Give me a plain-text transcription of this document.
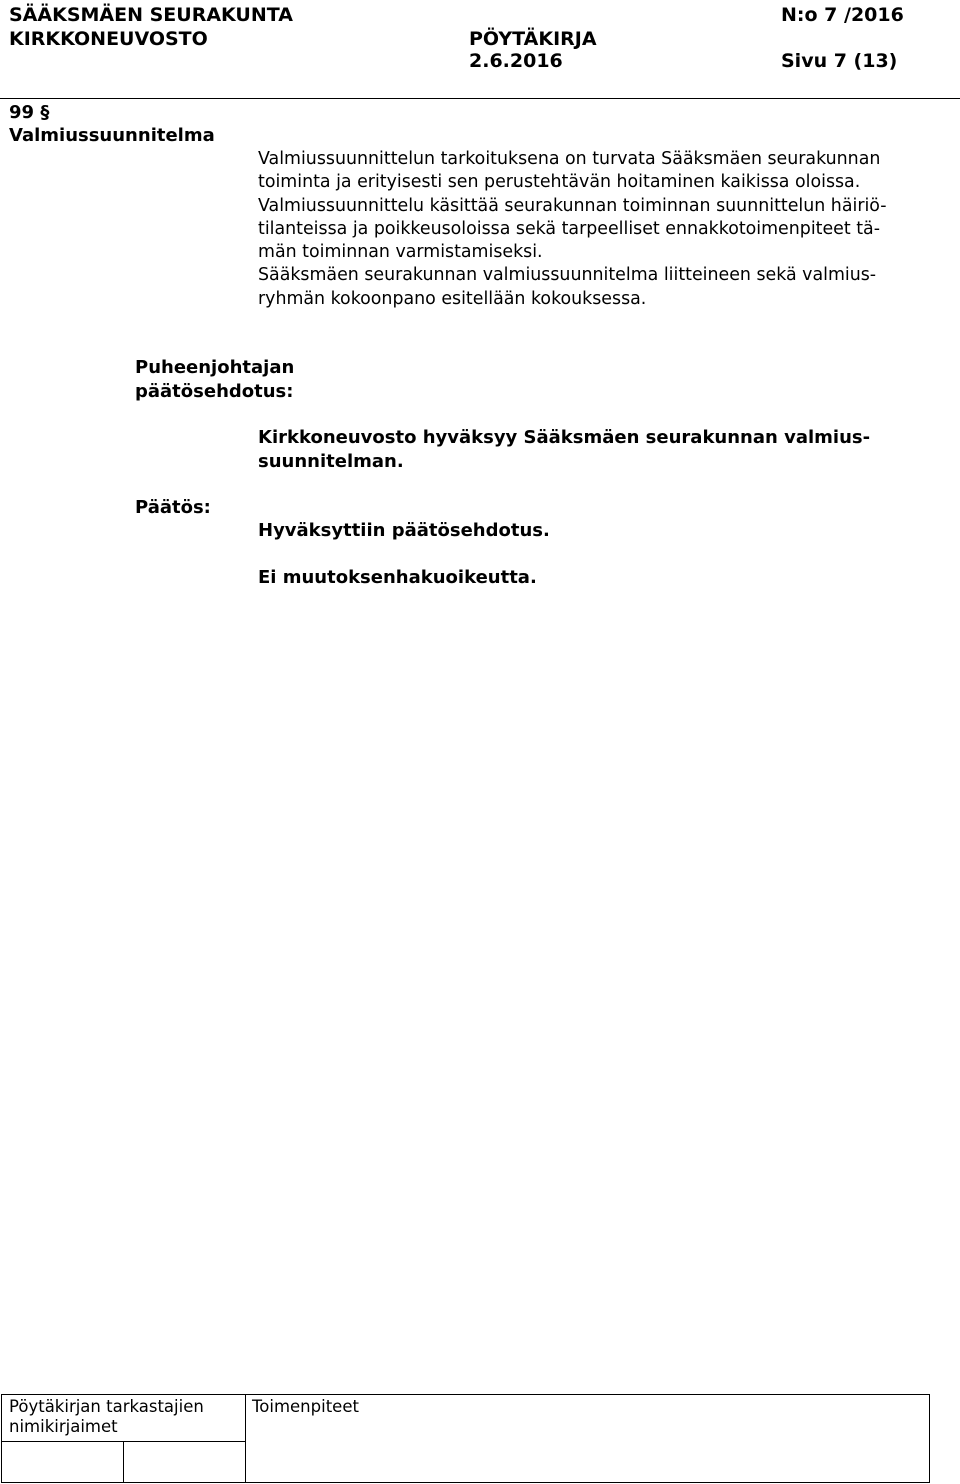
SÄÄKSMÄEN SEURAKUNTA
KIRKKONEUVOSTO	PÖYTÄKIRJA
2.6.2016
N:o 7 /2016
Sivu 7 (13)
99 §
Valmiussuunnitelma
Valmiussuunnittelun tarkoituksena on turvata Sääksmäen seurakunnan
toiminta ja erityisesti sen perustehtävän hoitaminen kaikissa oloissa.
Valmiussuunnittelu käsittää seurakunnan toiminnan suunnittelun häiriö-
tilanteissa ja poikkeusoloissa sekä tarpeelliset ennakkotoimenpiteet tä-
män toiminnan varmistamiseksi.
Sääksmäen seurakunnan valmiussuunnitelma liitteineen sekä valmius-
ryhmän kokoonpano esitellään kokouksessa.
Puheenjohtajan
päätösehdotus:
Kirkkoneuvosto hyväksyy Sääksmäen seurakunnan valmius-
suunnitelman.
Päätös:
Hyväksyttiin päätösehdotus.
Ei muutoksenhakuoikeutta.
Pöytäkirjan tarkastajien
nimikirjaimet		Toimenpiteet
